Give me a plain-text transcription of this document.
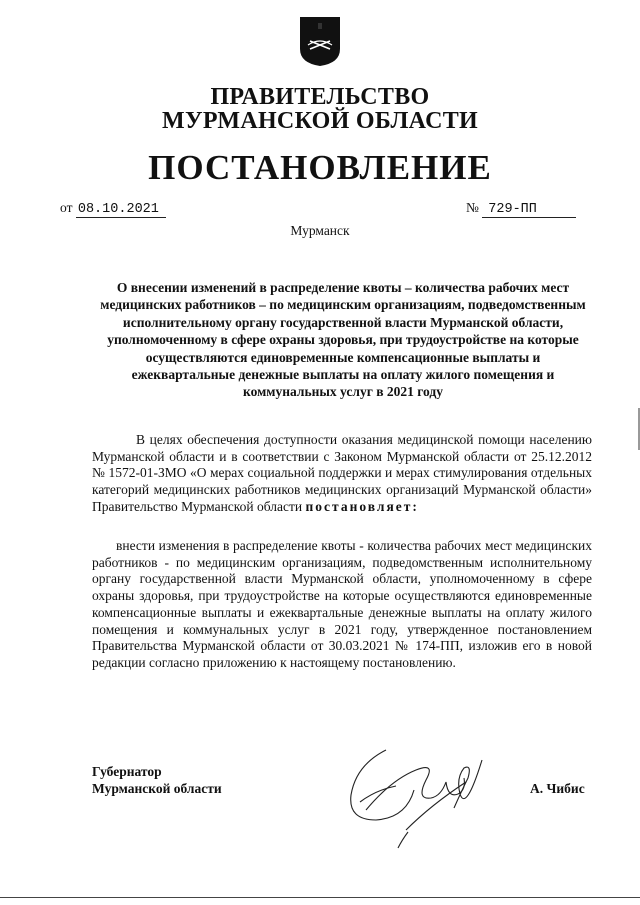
ПРАВИТЕЛЬСТВО
МУРМАНСКОЙ ОБЛАСТИ
ПОСТАНОВЛЕНИЕ
от 08.10.2021	№ 729-ПП
Мурманск
О внесении изменений в распределение квоты – количества рабочих мест медицинских работников – по медицинским организациям, подведомственным исполнительному органу государственной власти Мурманской области, уполномоченному в сфере охраны здоровья, при трудоустройстве на которые осуществляются единовременные компенсационные выплаты и ежеквартальные денежные выплаты на оплату жилого помещения и коммунальных услуг в 2021 году
В целях обеспечения доступности оказания медицинской помощи населению Мурманской области и в соответствии с Законом Мурманской области от 25.12.2012 № 1572-01-ЗМО «О мерах социальной поддержки и мерах стимулирования отдельных категорий медицинских работников медицинских организаций Мурманской области» Правительство Мурманской области постановляет:
внести изменения в распределение квоты - количества рабочих мест медицинских работников - по медицинским организациям, подведомственным исполнительному органу государственной власти Мурманской области, уполномоченному в сфере охраны здоровья, при трудоустройстве на которые осуществляются единовременные компенсационные выплаты и ежеквартальные денежные выплаты на оплату жилого помещения и коммунальных услуг в 2021 году, утвержденное постановлением Правительства Мурманской области от 30.03.2021 № 174-ПП, изложив его в новой редакции согласно приложению к настоящему постановлению.
Губернатор
Мурманской области	А. Чибис
